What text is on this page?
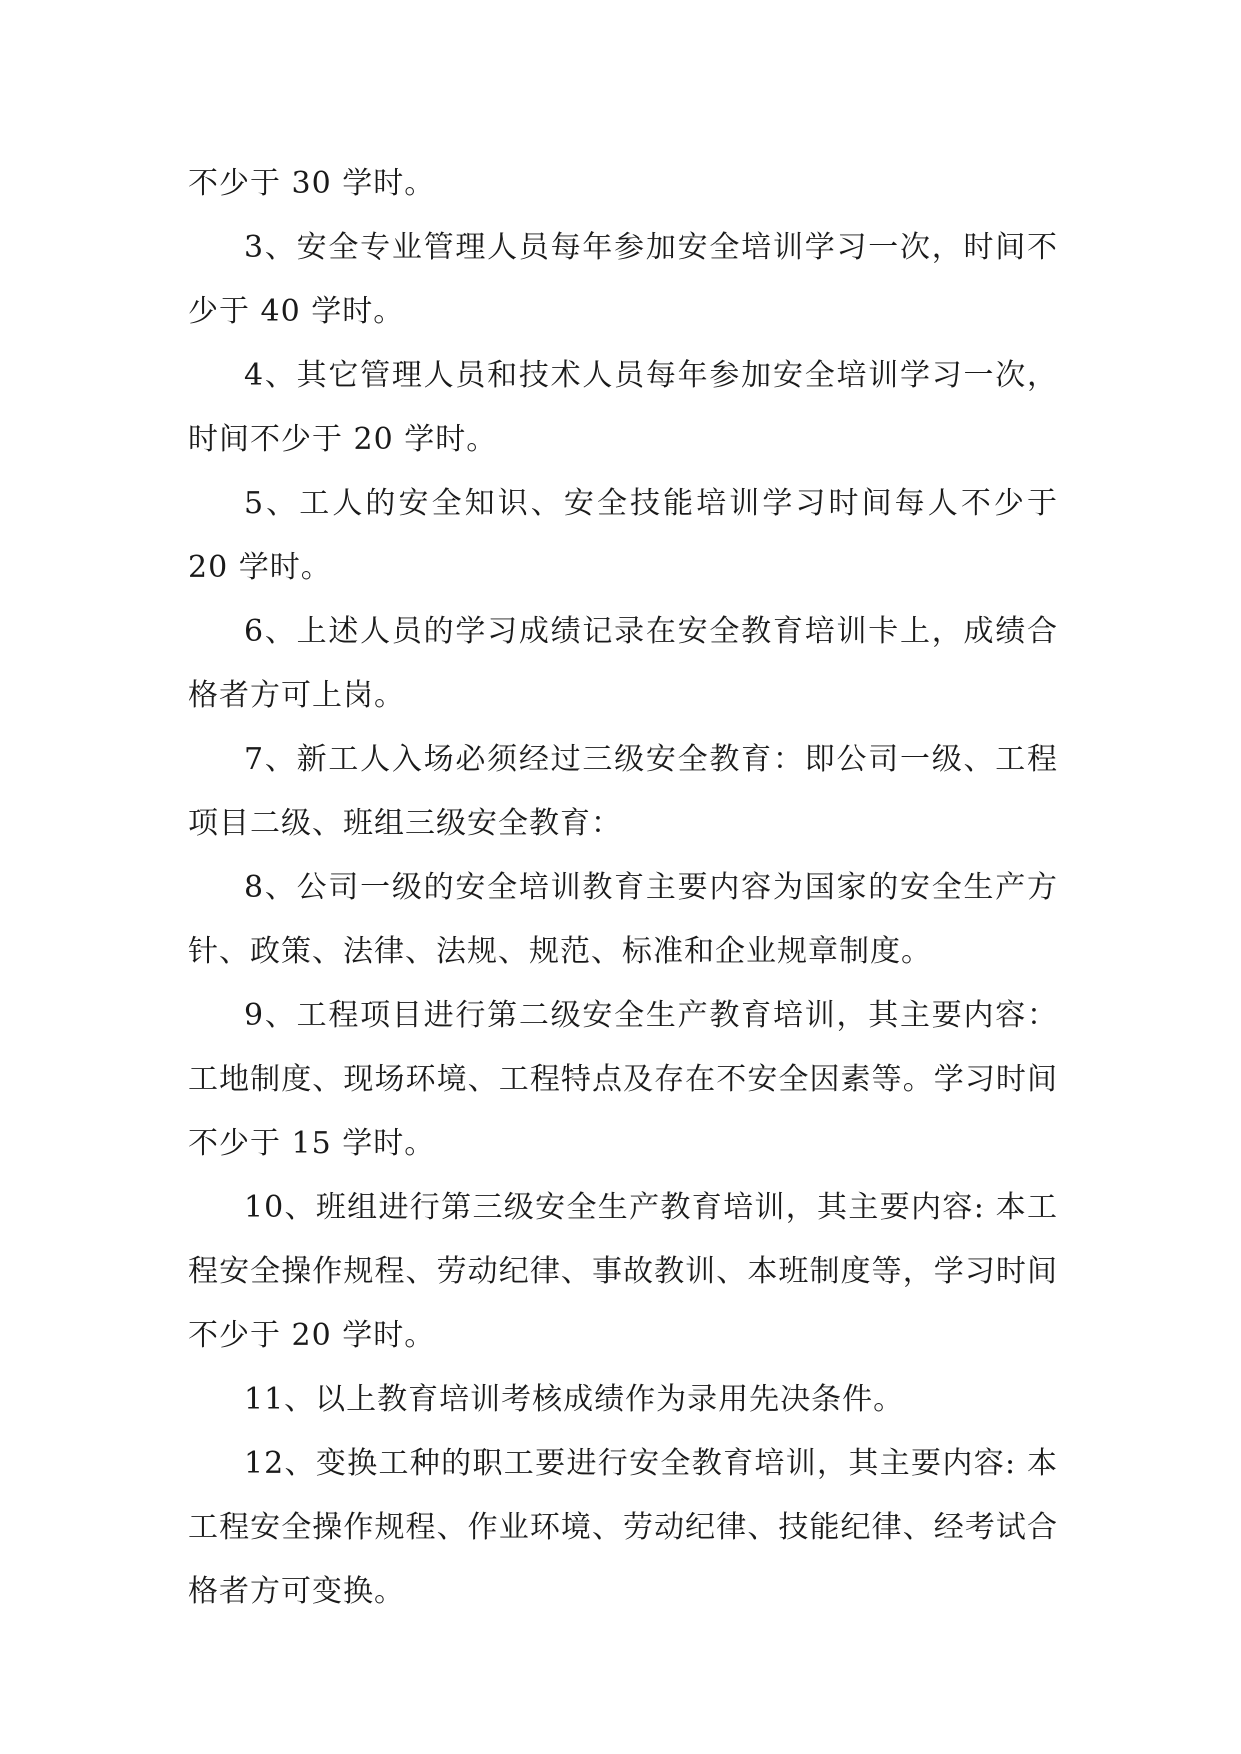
不少于 30 学时。

3、安全专业管理人员每年参加安全培训学习一次，时间不少于 40 学时。

4、其它管理人员和技术人员每年参加安全培训学习一次，时间不少于 20 学时。

5、工人的安全知识、安全技能培训学习时间每人不少于 20 学时。

6、上述人员的学习成绩记录在安全教育培训卡上，成绩合格者方可上岗。

7、新工人入场必须经过三级安全教育：即公司一级、工程项目二级、班组三级安全教育：

8、公司一级的安全培训教育主要内容为国家的安全生产方针、政策、法律、法规、规范、标准和企业规章制度。

9、工程项目进行第二级安全生产教育培训，其主要内容：工地制度、现场环境、工程特点及存在不安全因素等。学习时间不少于 15 学时。

10、班组进行第三级安全生产教育培训，其主要内容: 本工程安全操作规程、劳动纪律、事故教训、本班制度等，学习时间不少于 20 学时。

11、以上教育培训考核成绩作为录用先决条件。

12、变换工种的职工要进行安全教育培训，其主要内容: 本工程安全操作规程、作业环境、劳动纪律、技能纪律、经考试合格者方可变换。
